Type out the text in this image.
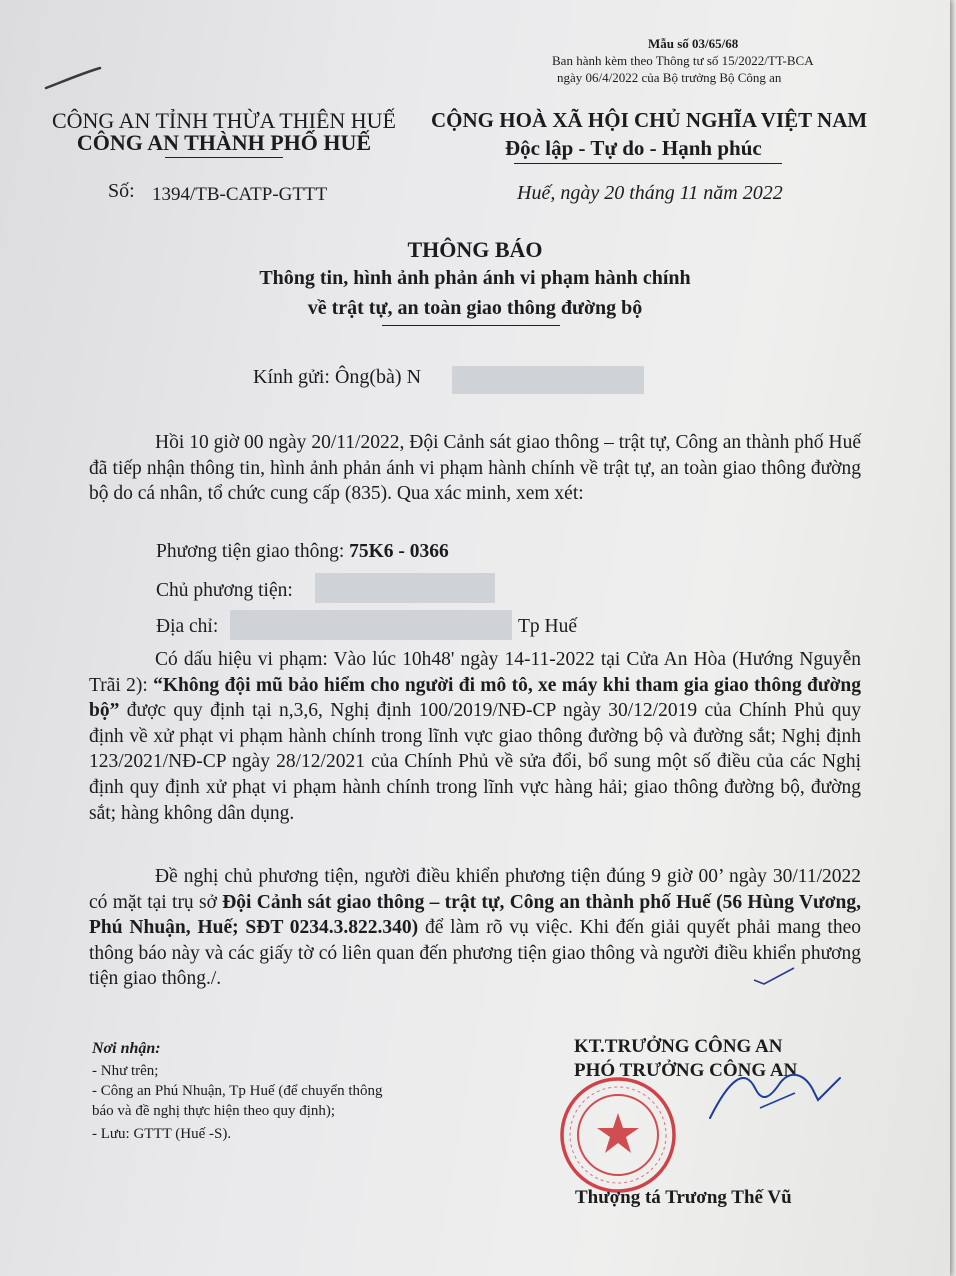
Mẫu số 03/65/68
Ban hành kèm theo Thông tư số 15/2022/TT-BCA
ngày 06/4/2022 của Bộ trưởng Bộ Công an
CÔNG AN TỈNH THỪA THIÊN HUẾ
CÔNG AN THÀNH PHỐ HUẾ
CỘNG HOÀ XÃ HỘI CHỦ NGHĨA VIỆT NAM
Độc lập - Tự do - Hạnh phúc
Số: 1394/TB-CATP-GTTT	Huế, ngày 20 tháng 11 năm 2022
THÔNG BÁO
Thông tin, hình ảnh phản ánh vi phạm hành chính
về trật tự, an toàn giao thông đường bộ
Kính gửi: Ông(bà) N
Hồi 10 giờ 00 ngày 20/11/2022, Đội Cảnh sát giao thông – trật tự, Công an thành phố Huế đã tiếp nhận thông tin, hình ảnh phản ánh vi phạm hành chính về trật tự, an toàn giao thông đường bộ do cá nhân, tổ chức cung cấp (835). Qua xác minh, xem xét:
Phương tiện giao thông: 75K6 - 0366
Chủ phương tiện:
Địa chỉ:	Tp Huế
Có dấu hiệu vi phạm: Vào lúc 10h48' ngày 14-11-2022 tại Cửa An Hòa (Hướng Nguyễn Trãi 2): “Không đội mũ bảo hiểm cho người đi mô tô, xe máy khi tham gia giao thông đường bộ” được quy định tại n,3,6, Nghị định 100/2019/NĐ-CP ngày 30/12/2019 của Chính Phủ quy định về xử phạt vi phạm hành chính trong lĩnh vực giao thông đường bộ và đường sắt; Nghị định 123/2021/NĐ-CP ngày 28/12/2021 của Chính Phủ về sửa đổi, bổ sung một số điều của các Nghị định quy định xử phạt vi phạm hành chính trong lĩnh vực hàng hải; giao thông đường bộ, đường sắt; hàng không dân dụng.
Đề nghị chủ phương tiện, người điều khiển phương tiện đúng 9 giờ 00’ ngày 30/11/2022 có mặt tại trụ sở Đội Cảnh sát giao thông – trật tự, Công an thành phố Huế (56 Hùng Vương, Phú Nhuận, Huế; SĐT 0234.3.822.340) để làm rõ vụ việc. Khi đến giải quyết phải mang theo thông báo này và các giấy tờ có liên quan đến phương tiện giao thông và người điều khiển phương tiện giao thông./.
Nơi nhận:
- Như trên;
- Công an Phú Nhuận, Tp Huế (để chuyển thông
báo và đề nghị thực hiện theo quy định);
- Lưu: GTTT (Huế -S).
KT.TRƯỞNG CÔNG AN
PHÓ TRƯỞNG CÔNG AN
Thượng tá Trương Thế Vũ
